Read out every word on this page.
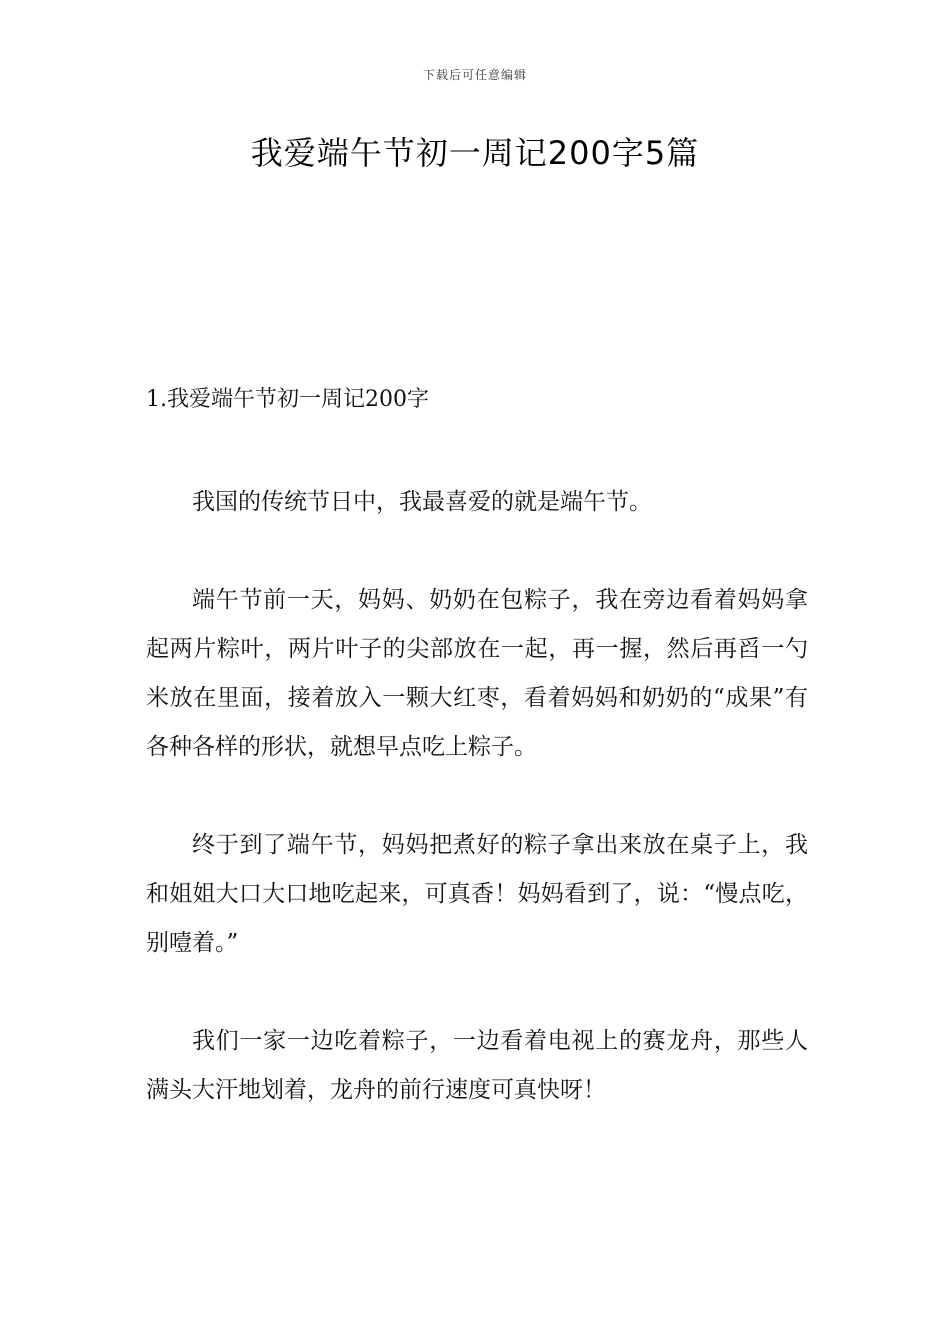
下载后可任意编辑
我爱端午节初一周记200字5篇
1.我爱端午节初一周记200字

我国的传统节日中，我最喜爱的就是端午节。

端午节前一天，妈妈、奶奶在包粽子，我在旁边看着妈妈拿起两片粽叶，两片叶子的尖部放在一起，再一握，然后再舀一勺米放在里面，接着放入一颗大红枣，看着妈妈和奶奶的“成果”有各种各样的形状，就想早点吃上粽子。

终于到了端午节，妈妈把煮好的粽子拿出来放在桌子上，我和姐姐大口大口地吃起来，可真香！妈妈看到了，说：“慢点吃，别噎着。”

我们一家一边吃着粽子，一边看着电视上的赛龙舟，那些人满头大汗地划着，龙舟的前行速度可真快呀！
